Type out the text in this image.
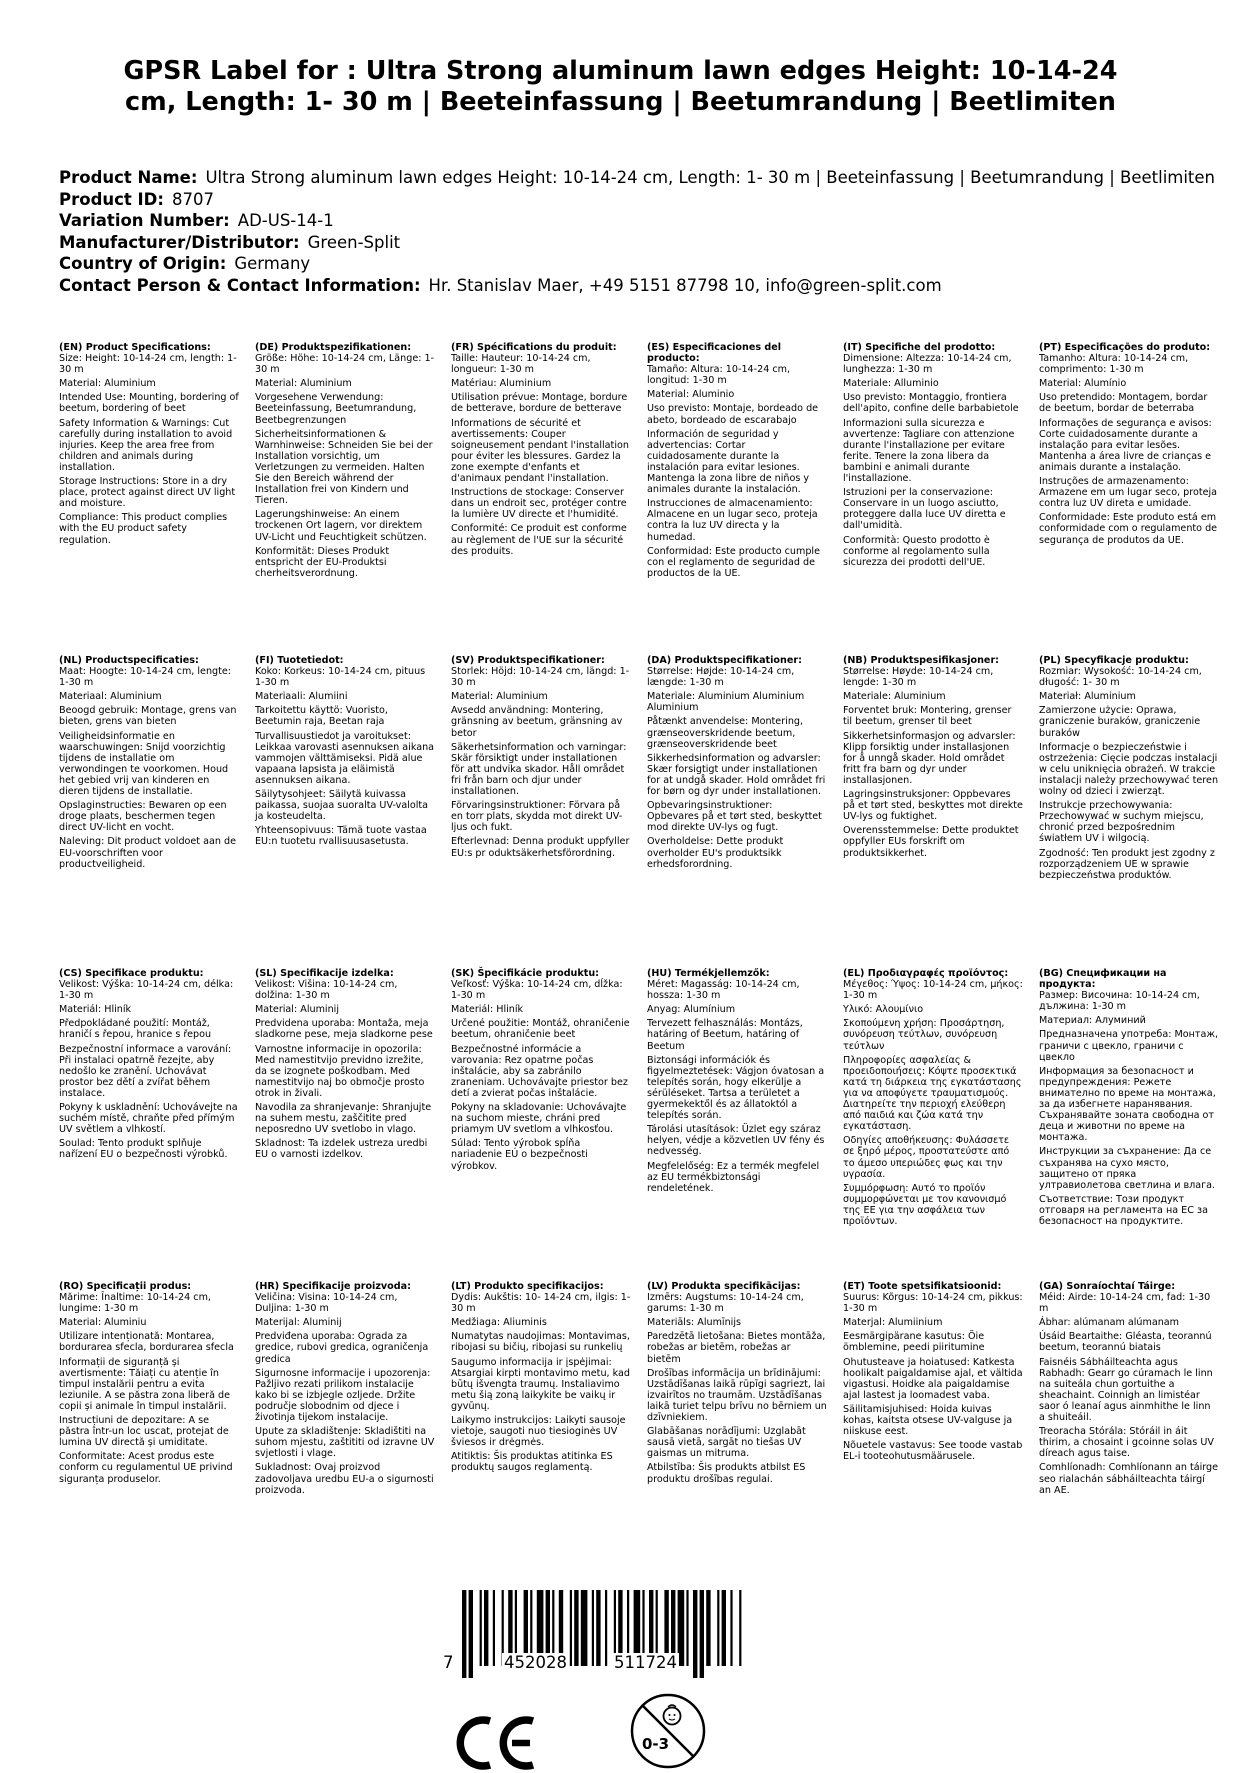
GPSR Label for : Ultra Strong aluminum lawn edges Height: 10-14-24 cm, Length: 1- 30 m | Beeteinfassung | Beetumrandung | Beetlimiten
Product Name: Ultra Strong aluminum lawn edges Height: 10-14-24 cm, Length: 1- 30 m | Beeteinfassung | Beetumrandung | Beetlimiten
Product ID: 8707
Variation Number: AD-US-14-1
Manufacturer/Distributor: Green-Split
Country of Origin: Germany
Contact Person & Contact Information: Hr. Stanislav Maer, +49 5151 87798 10, info@green-split.com
(EN) Product Specifications:
Size: Height: 10-14-24 cm, length: 1-30 m
Material: Aluminium
Intended Use: Mounting, bordering of beetum, bordering of beet
Safety Information & Warnings: Cut carefully during installation to avoid injuries. Keep the area free from children and animals during installation.
Storage Instructions: Store in a dry place, protect against direct UV light and moisture.
Compliance: This product complies with the EU product safety regulation.
(DE) Produktspezifikationen:
Größe: Höhe: 10-14-24 cm, Länge: 1-30 m
Material: Aluminium
Vorgesehene Verwendung: Beeteinfassung, Beetumrandung, Beetbegrenzungen
Sicherheitsinformationen & Warnhinweise: Schneiden Sie bei der Installation vorsichtig, um Verletzungen zu vermeiden. Halten Sie den Bereich während der Installation frei von Kindern und Tieren.
Lagerungshinweise: An einem trockenen Ort lagern, vor direktem UV-Licht und Feuchtigkeit schützen.
Konformität: Dieses Produkt entspricht der EU-Produktsi cherheitsverordnung.
(FR) Spécifications du produit:
Taille: Hauteur: 10-14-24 cm, longueur: 1-30 m
Matériau: Aluminium
Utilisation prévue: Montage, bordure de betterave, bordure de betterave
Informations de sécurité et avertissements: Couper soigneusement pendant l'installation pour éviter les blessures. Gardez la zone exempte d'enfants et d'animaux pendant l'installation.
Instructions de stockage: Conserver dans un endroit sec, protéger contre la lumière UV directe et l'humidité.
Conformité: Ce produit est conforme au règlement de l'UE sur la sécurité des produits.
(ES) Especificaciones del producto:
Tamaño: Altura: 10-14-24 cm, longitud: 1-30 m
Material: Aluminio
Uso previsto: Montaje, bordeado de abeto, bordeado de escarabajo
Información de seguridad y advertencias: Cortar cuidadosamente durante la instalación para evitar lesiones. Mantenga la zona libre de niños y animales durante la instalación.
Instrucciones de almacenamiento: Almacene en un lugar seco, proteja contra la luz UV directa y la humedad.
Conformidad: Este producto cumple con el reglamento de seguridad de productos de la UE.
(IT) Specifiche del prodotto:
Dimensione: Altezza: 10-14-24 cm, lunghezza: 1-30 m
Materiale: Alluminio
Uso previsto: Montaggio, frontiera dell'apito, confine delle barbabietole
Informazioni sulla sicurezza e avvertenze: Tagliare con attenzione durante l'installazione per evitare ferite. Tenere la zona libera da bambini e animali durante l'installazione.
Istruzioni per la conservazione: Conservare in un luogo asciutto, proteggere dalla luce UV diretta e dall'umidità.
Conformità: Questo prodotto è conforme al regolamento sulla sicurezza dei prodotti dell'UE.
(PT) Especificações do produto:
Tamanho: Altura: 10-14-24 cm, comprimento: 1-30 m
Material: Alumínio
Uso pretendido: Montagem, bordar de beetum, bordar de beterraba
Informações de segurança e avisos: Corte cuidadosamente durante a instalação para evitar lesões. Mantenha a área livre de crianças e animais durante a instalação.
Instruções de armazenamento: Armazene em um lugar seco, proteja contra luz UV direta e umidade.
Conformidade: Este produto está em conformidade com o regulamento de segurança de produtos da UE.
(NL) Productspecificaties:
Maat: Hoogte: 10-14-24 cm, lengte: 1-30 m
Materiaal: Aluminium
Beoogd gebruik: Montage, grens van bieten, grens van bieten
Veiligheidsinformatie en waarschuwingen: Snijd voorzichtig tijdens de installatie om verwondingen te voorkomen. Houd het gebied vrij van kinderen en dieren tijdens de installatie.
Opslaginstructies: Bewaren op een droge plaats, beschermen tegen direct UV-licht en vocht.
Naleving: Dit product voldoet aan de EU-voorschriften voor productveiligheid.
(FI) Tuotetiedot:
Koko: Korkeus: 10-14-24 cm, pituus 1-30 m
Materiaali: Alumiini
Tarkoitettu käyttö: Vuoristo, Beetumin raja, Beetan raja
Turvallisuustiedot ja varoitukset: Leikkaa varovasti asennuksen aikana vammojen välttämiseksi. Pidä alue vapaana lapsista ja eläimistä asennuksen aikana.
Säilytysohjeet: Säilytä kuivassa paikassa, suojaa suoralta UV-valolta ja kosteudelta.
Yhteensopivuus: Tämä tuote vastaa EU:n tuotetu rvallisuusasetusta.
(SV) Produktspecifikationer:
Storlek: Höjd: 10-14-24 cm, längd: 1-30 m
Material: Aluminium
Avsedd användning: Montering, gränsning av beetum, gränsning av betor
Säkerhetsinformation och varningar: Skär försiktigt under installationen för att undvika skador. Håll området fri från barn och djur under installationen.
Förvaringsinstruktioner: Förvara på en torr plats, skydda mot direkt UV-ljus och fukt.
Efterlevnad: Denna produkt uppfyller EU:s pr oduktsäkerhetsförordning.
(DA) Produktspecifikationer:
Størrelse: Højde: 10-14-24 cm, længde: 1-30 m
Materiale: Aluminium Aluminium Aluminium
Påtænkt anvendelse: Montering, grænseoverskridende beetum, grænseoverskridende beet
Sikkerhedsinformation og advarsler: Skær forsigtigt under installationen for at undgå skader. Hold området fri for børn og dyr under installationen.
Opbevaringsinstruktioner: Opbevares på et tørt sted, beskyttet mod direkte UV-lys og fugt.
Overholdelse: Dette produkt overholder EU's produktsikk erhedsforordning.
(NB) Produktspesifikasjoner:
Størrelse: Høyde: 10-14-24 cm, lengde: 1-30 m
Materiale: Aluminium
Forventet bruk: Montering, grenser til beetum, grenser til beet
Sikkerhetsinformasjon og advarsler: Klipp forsiktig under installasjonen for å unngå skader. Hold området fritt fra barn og dyr under installasjonen.
Lagringsinstruksjoner: Oppbevares på et tørt sted, beskyttes mot direkte UV-lys og fuktighet.
Overensstemmelse: Dette produktet oppfyller EUs forskrift om produktsikkerhet.
(PL) Specyfikacje produktu:
Rozmiar: Wysokość: 10-14-24 cm, długość: 1- 30 m
Materiał: Aluminium
Zamierzone użycie: Oprawa, graniczenie buraków, graniczenie buraków
Informacje o bezpieczeństwie i ostrzeżenia: Cięcie podczas instalacji w celu uniknięcia obrażeń. W trakcie instalacji należy przechowywać teren wolny od dzieci i zwierząt.
Instrukcje przechowywania: Przechowywać w suchym miejscu, chronić przed bezpośrednim światłem UV i wilgocią.
Zgodność: Ten produkt jest zgodny z rozporządzeniem UE w sprawie bezpieczeństwa produktów.
(CS) Specifikace produktu:
Velikost: Výška: 10-14-24 cm, délka: 1-30 m
Materiál: Hliník
Předpokládané použití: Montáž, hraničí s řepou, hranice s řepou
Bezpečnostní informace a varování: Při instalaci opatrně řezejte, aby nedošlo ke zranění. Uchovávat prostor bez dětí a zvířat během instalace.
Pokyny k uskladnění: Uchovávejte na suchém místě, chraňte před přímým UV světlem a vlhkostí.
Soulad: Tento produkt splňuje nařízení EU o bezpečnosti výrobků.
(SL) Specifikacije izdelka:
Velikost: Višina: 10-14-24 cm, dolžina: 1-30 m
Material: Aluminij
Predvidena uporaba: Montaža, meja sladkorne pese, meja sladkorne pese
Varnostne informacije in opozorila: Med namestitvijo previdno izrežite, da se izognete poškodbam. Med namestitvijo naj bo območje prosto otrok in živali.
Navodila za shranjevanje: Shranjujte na suhem mestu, zaščitite pred neposredno UV svetlobo in vlago.
Skladnost: Ta izdelek ustreza uredbi EU o varnosti izdelkov.
(SK) Špecifikácie produktu:
Veľkosť: Výška: 10-14-24 cm, dĺžka: 1-30 m
Materiál: Hliník
Určené použitie: Montáž, ohraničenie beetum, ohraničenie beet
Bezpečnostné informácie a varovania: Rez opatrne počas inštalácie, aby sa zabránilo zraneniam. Uchovávajte priestor bez detí a zvierat počas inštalácie.
Pokyny na skladovanie: Uchovávajte na suchom mieste, chráni pred priamym UV svetlom a vlhkosťou.
Súlad: Tento výrobok spĺňa nariadenie EÚ o bezpečnosti výrobkov.
(HU) Termékjellemzők:
Méret: Magasság: 10-14-24 cm, hossza: 1-30 m
Anyag: Alumínium
Tervezett felhasználás: Montázs, határing of Beetum, határing of Beetum
Biztonsági információk és figyelmeztetések: Vágjon óvatosan a telepítés során, hogy elkerülje a sérüléseket. Tartsa a területet a gyermekektől és az állatoktól a telepítés során.
Tárolási utasítások: Üzlet egy száraz helyen, védje a közvetlen UV fény és nedvesség.
Megfelelőség: Ez a termék megfelel az EU termékbiztonsági rendeletének.
(EL) Προδιαγραφές προϊόντος:
Μέγεθος: Ύψος: 10-14-24 cm, μήκος: 1-30 m
Υλικό: Αλουμίνιο
Σκοπούμενη χρήση: Προσάρτηση, συνόρευση τεύτλων, συνόρευση τεύτλων
Πληροφορίες ασφαλείας & προειδοποιήσεις: Κόψτε προσεκτικά κατά τη διάρκεια της εγκατάστασης για να αποφύγετε τραυματισμούς. Διατηρείτε την περιοχή ελεύθερη από παιδιά και ζώα κατά την εγκατάσταση.
Οδηγίες αποθήκευσης: Φυλάσσετε σε ξηρό μέρος, προστατεύστε από το άμεσο υπεριώδες φως και την υγρασία.
Συμμόρφωση: Αυτό το προϊόν συμμορφώνεται με τον κανονισμό της ΕΕ για την ασφάλεια των προϊόντων.
(BG) Спецификации на продукта:
Размер: Височина: 10-14-24 cm, дължина: 1-30 m
Материал: Алуминий
Предназначена употреба: Монтаж, граничи с цвекло, граничи с цвекло
Информация за безопасност и предупреждения: Режете внимателно по време на монтажа, за да избегнете наранявания. Съхранявайте зоната свободна от деца и животни по време на монтажа.
Инструкции за съхранение: Да се съхранява на сухо място, защитено от пряка ултравиолетова светлина и влага.
Съответствие: Този продукт отговаря на регламента на ЕС за безопасност на продуктите.
(RO) Specificații produs:
Mărime: Înaltime: 10-14-24 cm, lungime: 1-30 m
Material: Aluminiu
Utilizare intenționată: Montarea, bordurarea sfecla, bordurarea sfecla
Informații de siguranță și avertismente: Tăiați cu atenție în timpul instalării pentru a evita leziunile. A se păstra zona liberă de copii și animale în timpul instalării.
Instrucțiuni de depozitare: A se păstra într-un loc uscat, protejat de lumina UV directă și umiditate.
Conformitate: Acest produs este conform cu regulamentul UE privind siguranța produselor.
(HR) Specifikacije proizvoda:
Veličina: Visina: 10-14-24 cm, Duljina: 1-30 m
Materijal: Aluminij
Predviđena uporaba: Ograda za gredice, rubovi gredica, ograničenja gredica
Sigurnosne informacije i upozorenja: Pažljivo rezati prilikom instalacije kako bi se izbjegle ozljede. Držite područje slobodnim od djece i životinja tijekom instalacije.
Upute za skladištenje: Skladištiti na suhom mjestu, zaštititi od izravne UV svjetlosti i vlage.
Sukladnost: Ovaj proizvod zadovoljava uredbu EU-a o sigurnosti proizvoda.
(LT) Produkto specifikacijos:
Dydis: Aukštis: 10- 14-24 cm, ilgis: 1- 30 m
Medžiaga: Aliuminis
Numatytas naudojimas: Montavimas, ribojasi su bičių, ribojasi su runkelių
Saugumo informacija ir įspėjimai: Atsargiai kirpti montavimo metu, kad būtų išvengta traumų. Instaliavimo metu šią zoną laikykite be vaikų ir gyvūnų.
Laikymo instrukcijos: Laikyti sausoje vietoje, saugoti nuo tiesioginės UV šviesos ir drėgmės.
Atitiktis: Šis produktas atitinka ES produktų saugos reglamentą.
(LV) Produkta specifikācijas:
Izmērs: Augstums: 10-14-24 cm, garums: 1-30 m
Materiāls: Alumīnijs
Paredzētā lietošana: Bietes montāža, robežas ar bietēm, robežas ar bietēm
Drošības informācija un brīdinājumi: Uzstādīšanas laikā rūpīgi sagriezt, lai izvairītos no traumām. Uzstādīšanas laikā turiet telpu brīvu no bērniem un dzīvniekiem.
Glabāšanas norādījumi: Uzglabāt sausā vietā, sargāt no tiešas UV gaismas un mitruma.
Atbilstība: Šis produkts atbilst ES produktu drošības regulai.
(ET) Toote spetsifikatsioonid:
Suurus: Kõrgus: 10-14-24 cm, pikkus: 1-30 m
Materjal: Alumiinium
Eesmärgipärane kasutus: Õie ömblemine, peedi piiritumine
Ohutusteave ja hoiatused: Katkesta hoolikalt paigaldamise ajal, et vältida vigastusi. Hoidke ala paigaldamise ajal lastest ja loomadest vaba.
Säilitamisjuhised: Hoida kuivas kohas, kaitsta otsese UV-valguse ja niiskuse eest.
Nõuetele vastavus: See toode vastab EL-i tooteohutusmäärusele.
(GA) Sonraíochtaí Táirge:
Méid: Airde: 10-14-24 cm, fad: 1-30 m
Ábhar: alúmanam alúmanam
Úsáid Beartaithe: Gléasta, teorannú beetum, teorannú biatais
Faisnéis Sábháilteachta agus Rabhadh: Gearr go cúramach le linn na suiteála chun gortuithe a sheachaint. Coinnigh an limistéar saor ó leanaí agus ainmhithe le linn a shuiteáil.
Treoracha Stórála: Stóráil in áit thirim, a chosaint i gcoinne solas UV díreach agus taise.
Comhlíonadh: Comhlíonann an táirge seo rialachán sábháilteachta táirgí an AE.
7	452028	511724
0-3
